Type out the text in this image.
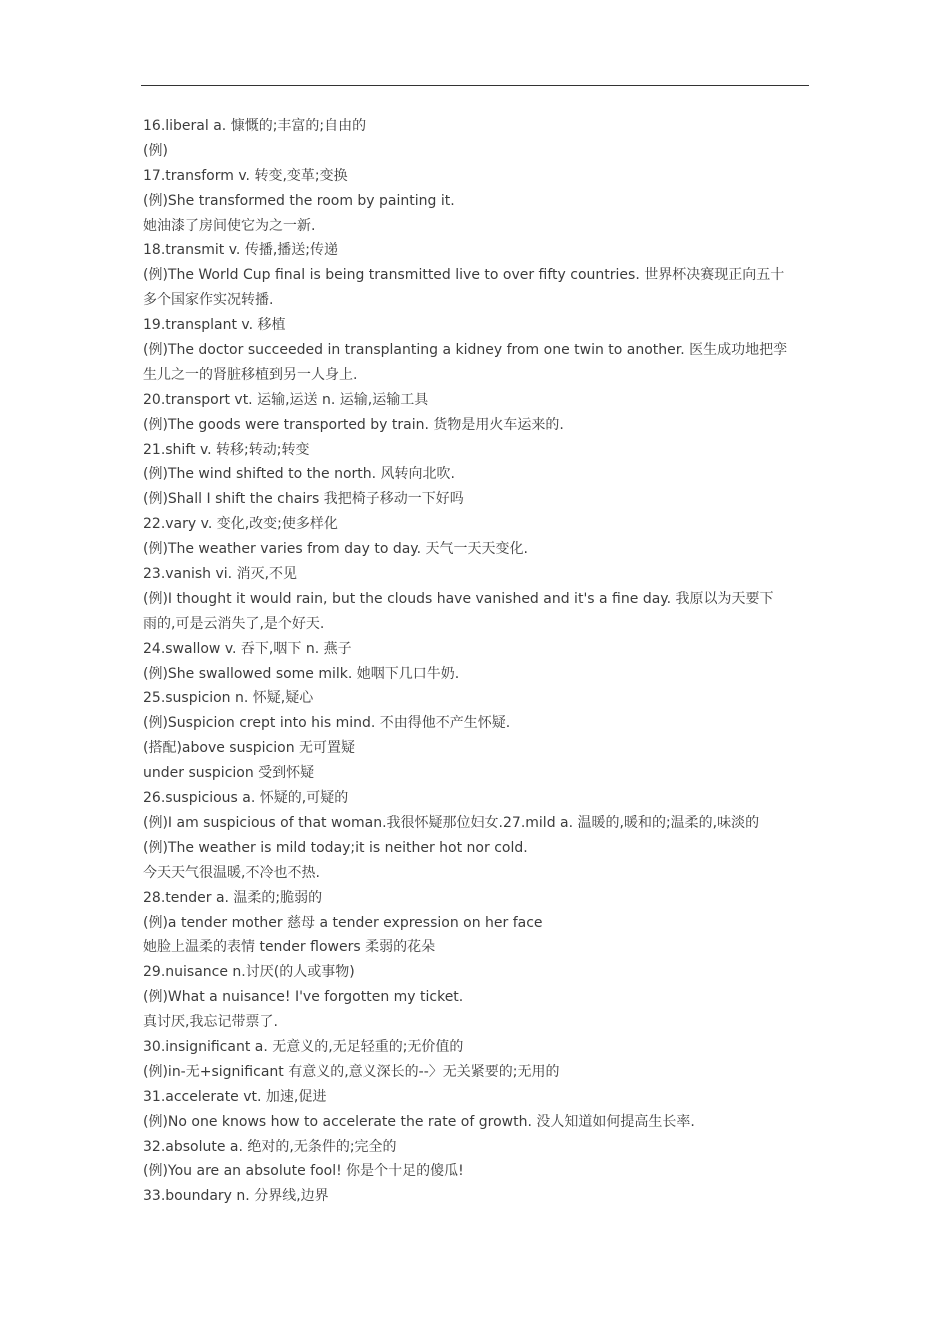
16.liberal a. 慷慨的;丰富的;自由的
(例)
17.transform v. 转变,变革;变换
(例)She transformed the room by painting it.
她油漆了房间使它为之一新.
18.transmit v. 传播,播送;传递
(例)The World Cup final is being transmitted live to over fifty countries. 世界杯决赛现正向五十
多个国家作实况转播.
19.transplant v. 移植
(例)The doctor succeeded in transplanting a kidney from one twin to another. 医生成功地把孪
生儿之一的肾脏移植到另一人身上.
20.transport vt. 运输,运送 n. 运输,运输工具
(例)The goods were transported by train. 货物是用火车运来的.
21.shift v. 转移;转动;转变
(例)The wind shifted to the north. 风转向北吹.
(例)Shall I shift the chairs 我把椅子移动一下好吗
22.vary v. 变化,改变;使多样化
(例)The weather varies from day to day. 天气一天天变化.
23.vanish vi. 消灭,不见
(例)I thought it would rain, but the clouds have vanished and it's a fine day. 我原以为天要下
雨的,可是云消失了,是个好天.
24.swallow v. 吞下,咽下 n. 燕子
(例)She swallowed some milk. 她咽下几口牛奶.
25.suspicion n. 怀疑,疑心
(例)Suspicion crept into his mind. 不由得他不产生怀疑.
(搭配)above suspicion 无可置疑
under suspicion 受到怀疑
26.suspicious a. 怀疑的,可疑的
(例)I am suspicious of that woman.我很怀疑那位妇女.27.mild a. 温暖的,暖和的;温柔的,味淡的
(例)The weather is mild today;it is neither hot nor cold.
今天天气很温暖,不冷也不热.
28.tender a. 温柔的;脆弱的
(例)a tender mother 慈母 a tender expression on her face
她脸上温柔的表情 tender flowers 柔弱的花朵
29.nuisance n.讨厌(的人或事物)
(例)What a nuisance! I've forgotten my ticket.
真讨厌,我忘记带票了.
30.insignificant a. 无意义的,无足轻重的;无价值的
(例)in-无+significant 有意义的,意义深长的--〉无关紧要的;无用的
31.accelerate vt. 加速,促进
(例)No one knows how to accelerate the rate of growth. 没人知道如何提高生长率.
32.absolute a. 绝对的,无条件的;完全的
(例)You are an absolute fool! 你是个十足的傻瓜!
33.boundary n. 分界线,边界
